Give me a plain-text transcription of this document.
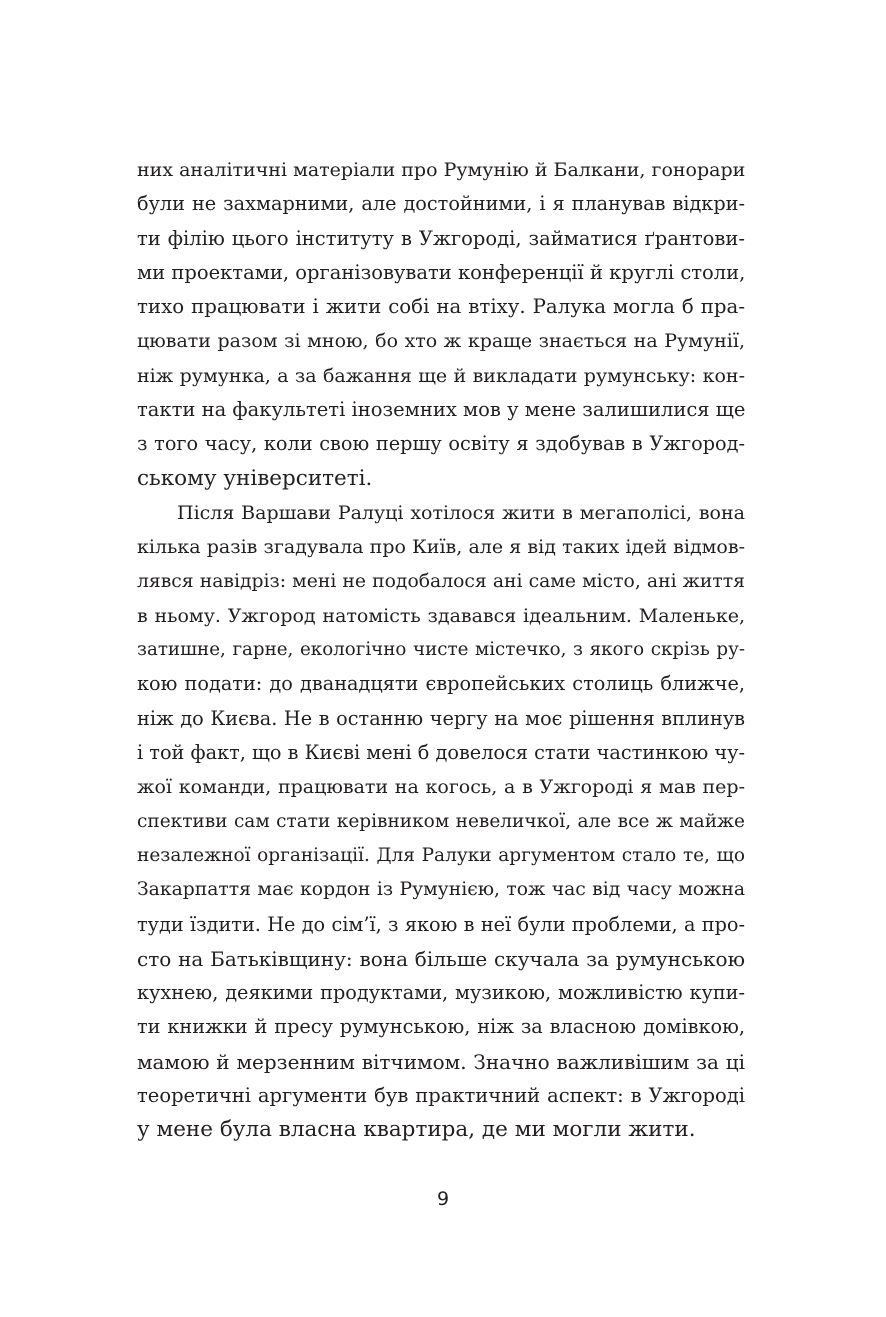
них аналітичні матеріали про Румунію й Балкани, гонорари
були не захмарними, але достойними, і я планував відкри-
ти філію цього інституту в Ужгороді, займатися ґрантови-
ми проектами, організовувати конференції й круглі столи,
тихо працювати і жити собі на втіху. Ралука могла б пра-
цювати разом зі мною, бо хто ж краще знається на Румунії,
ніж румунка, а за бажання ще й викладати румунську: кон-
такти на факультеті іноземних мов у мене залишилися ще
з того часу, коли свою першу освіту я здобував в Ужгород-
ському університеті.
Після Варшави Ралуці хотілося жити в мегаполісі, вона
кілька разів згадувала про Київ, але я від таких ідей відмов-
лявся навідріз: мені не подобалося ані саме місто, ані життя
в ньому. Ужгород натомість здавався ідеальним. Маленьке,
затишне, гарне, екологічно чисте містечко, з якого скрізь ру-
кою подати: до дванадцяти європейських столиць ближче,
ніж до Києва. Не в останню чергу на моє рішення вплинув
і той факт, що в Києві мені б довелося стати частинкою чу-
жої команди, працювати на когось, а в Ужгороді я мав пер-
спективи сам стати керівником невеличкої, але все ж майже
незалежної організації. Для Ралуки аргументом стало те, що
Закарпаття має кордон із Румунією, тож час від часу можна
туди їздити. Не до сім’ї, з якою в неї були проблеми, а про-
сто на Батьківщину: вона більше скучала за румунською
кухнею, деякими продуктами, музикою, можливістю купи-
ти книжки й пресу румунською, ніж за власною домівкою,
мамою й мерзенним вітчимом. Значно важливішим за ці
теоретичні аргументи був практичний аспект: в Ужгороді
у мене була власна квартира, де ми могли жити.
9
